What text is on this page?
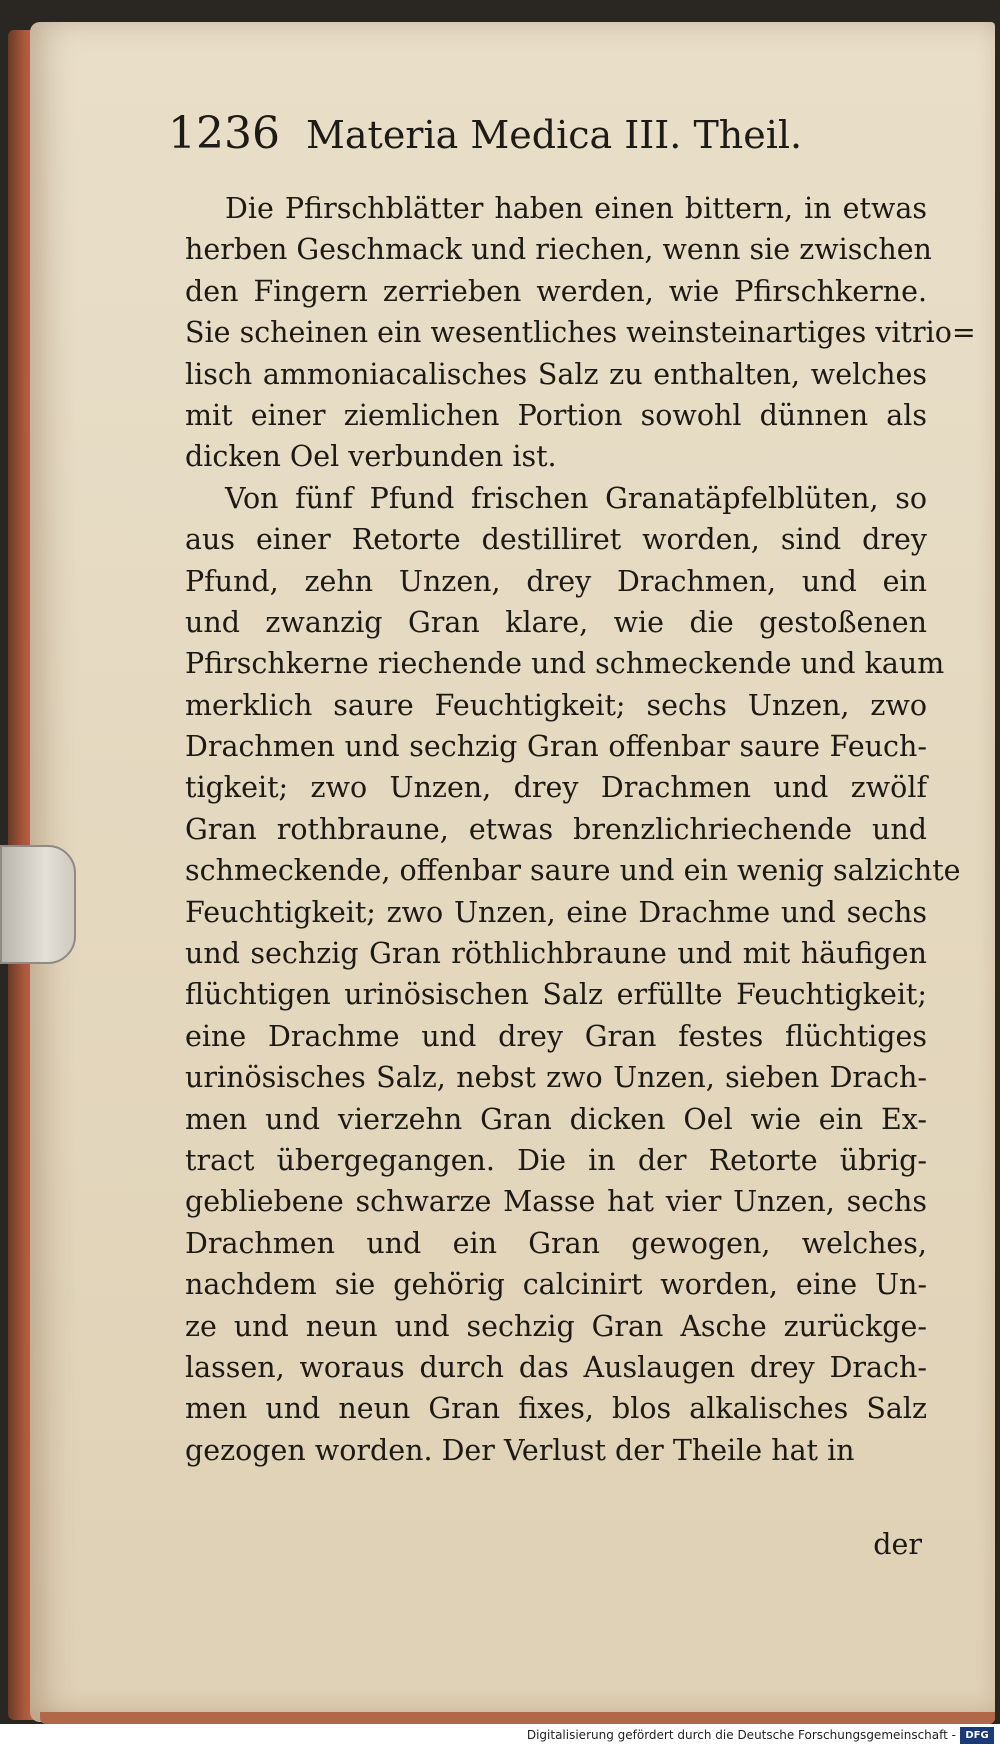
1236 Materia Medica III. Theil.
Die Pfirschblätter haben einen bittern, in etwas
herben Geschmack und riechen, wenn sie zwischen
den Fingern zerrieben werden, wie Pfirschkerne.
Sie scheinen ein wesentliches weinsteinartiges vitrio=
lisch ammoniacalisches Salz zu enthalten, welches
mit einer ziemlichen Portion sowohl dünnen als
dicken Oel verbunden ist.
Von fünf Pfund frischen Granatäpfelblüten, so
aus einer Retorte destilliret worden, sind drey
Pfund, zehn Unzen, drey Drachmen, und ein
und zwanzig Gran klare, wie die gestoßenen
Pfirschkerne riechende und schmeckende und kaum
merklich saure Feuchtigkeit; sechs Unzen, zwo
Drachmen und sechzig Gran offenbar saure Feuch-
tigkeit; zwo Unzen, drey Drachmen und zwölf
Gran rothbraune, etwas brenzlichriechende und
schmeckende, offenbar saure und ein wenig salzichte
Feuchtigkeit; zwo Unzen, eine Drachme und sechs
und sechzig Gran röthlichbraune und mit häufigen
flüchtigen urinösischen Salz erfüllte Feuchtigkeit;
eine Drachme und drey Gran festes flüchtiges
urinösisches Salz, nebst zwo Unzen, sieben Drach-
men und vierzehn Gran dicken Oel wie ein Ex-
tract übergegangen. Die in der Retorte übrig-
gebliebene schwarze Masse hat vier Unzen, sechs
Drachmen und ein Gran gewogen, welches,
nachdem sie gehörig calcinirt worden, eine Un-
ze und neun und sechzig Gran Asche zurückge-
lassen, woraus durch das Auslaugen drey Drach-
men und neun Gran fixes, blos alkalisches Salz
gezogen worden. Der Verlust der Theile hat in
der
Digitalisierung gefördert durch die Deutsche Forschungsgemeinschaft - DFG
